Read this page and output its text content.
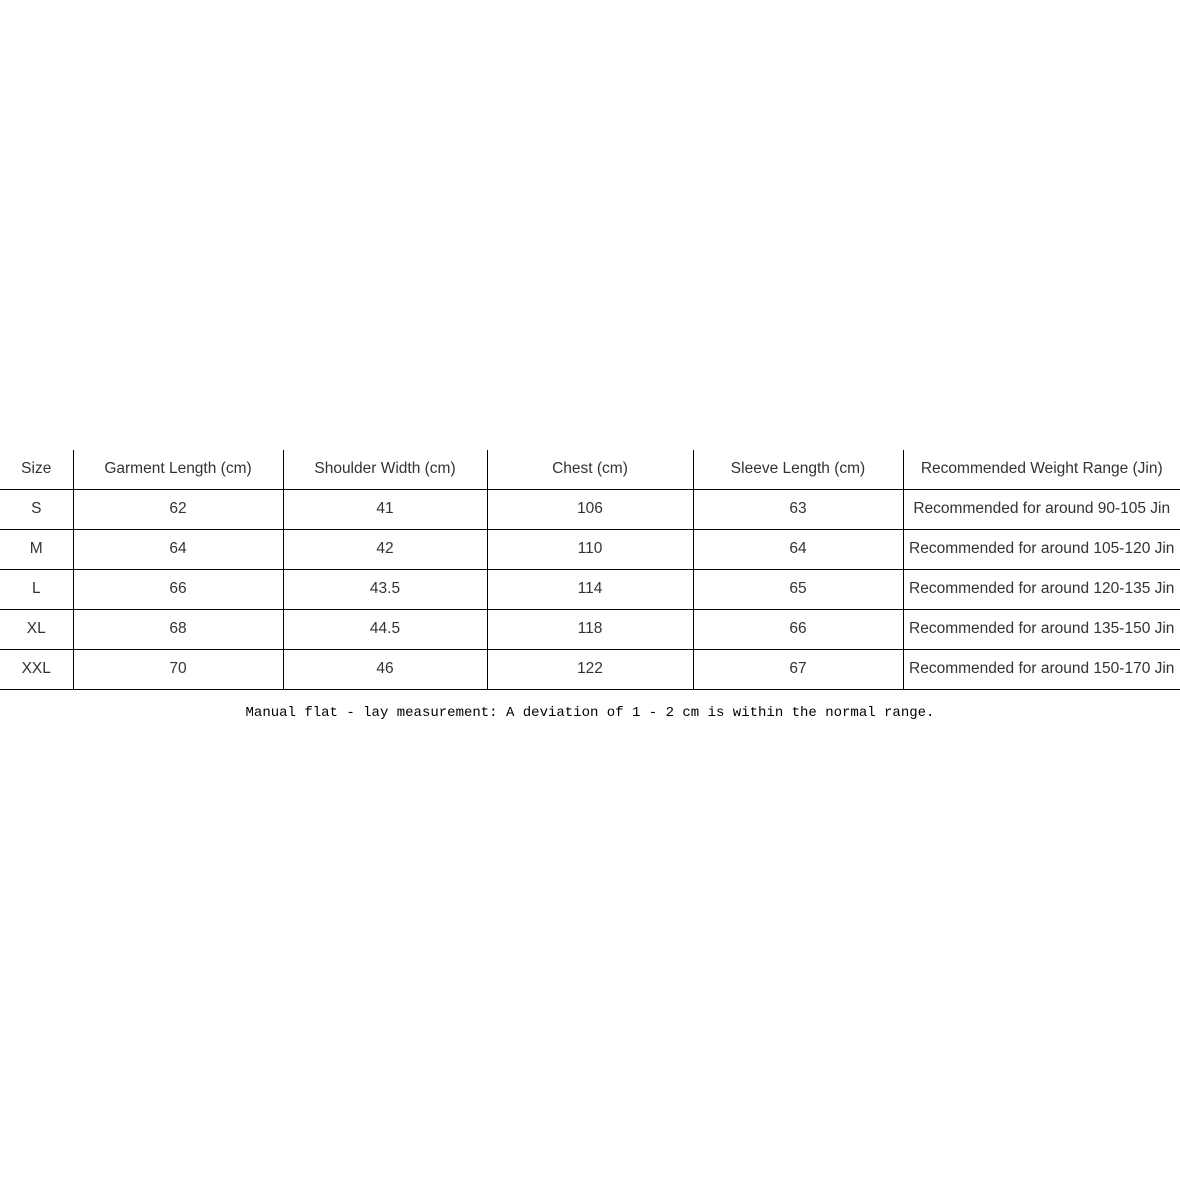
Size	Garment Length (cm)	Shoulder Width (cm)	Chest (cm)	Sleeve Length (cm)	Recommended Weight Range (Jin)
S	62	41	106	63	Recommended for around 90-105 Jin
M	64	42	110	64	Recommended for around 105-120 Jin
L	66	43.5	114	65	Recommended for around 120-135 Jin
XL	68	44.5	118	66	Recommended for around 135-150 Jin
XXL	70	46	122	67	Recommended for around 150-170 Jin
Manual flat - lay measurement: A deviation of 1 - 2 cm is within the normal range.
